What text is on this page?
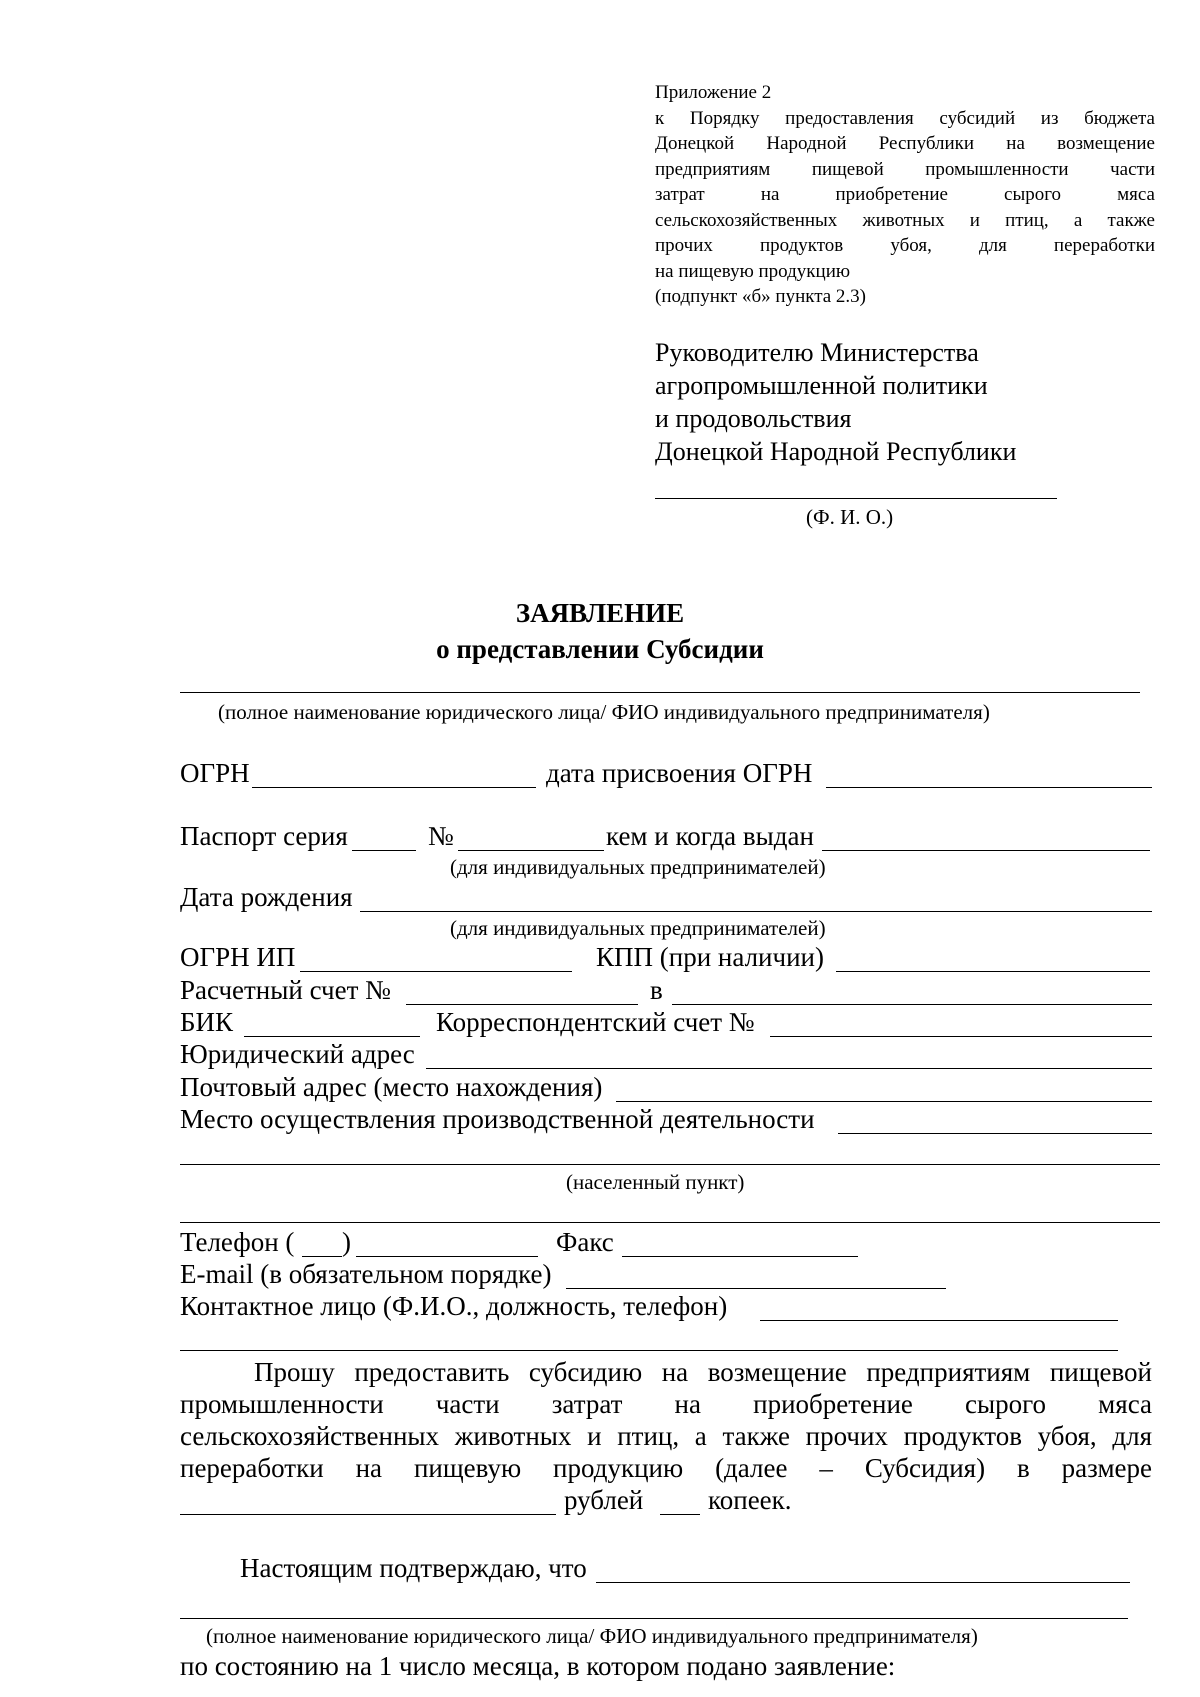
Приложение 2
к Порядку предоставления субсидий из бюджета
Донецкой Народной Республики на возмещение
предприятиям пищевой промышленности части
затрат на приобретение сырого мяса
сельскохозяйственных животных и птиц, а также
прочих продуктов убоя, для переработки
на пищевую продукцию
(подпункт «б» пункта 2.3)
Руководителю Министерства
агропромышленной политики
и продовольствия
Донецкой Народной Республики
(Ф. И. О.)
ЗАЯВЛЕНИЕ
о представлении Субсидии
(полное наименование юридического лица/ ФИО индивидуального предпринимателя)
ОГРН	дата присвоения ОГРН
Паспорт серия	№	кем и когда выдан
(для индивидуальных предпринимателей)
Дата рождения
(для индивидуальных предпринимателей)
ОГРН ИП	КПП (при наличии)
Расчетный счет №	в
БИК	Корреспондентский счет №
Юридический адрес
Почтовый адрес (место нахождения)
Место осуществления производственной деятельности
(населенный пункт)
Телефон ( )	Факс
E-mail (в обязательном порядке)
Контактное лицо (Ф.И.О., должность, телефон)
Прошу предоставить субсидию на возмещение предприятиям пищевой
промышленности части затрат на приобретение сырого мяса
сельскохозяйственных животных и птиц, а также прочих продуктов убоя, для
переработки на пищевую продукцию (далее – Субсидия) в размере
рублей копеек.
Настоящим подтверждаю, что
(полное наименование юридического лица/ ФИО индивидуального предпринимателя)
по состоянию на 1 число месяца, в котором подано заявление:
